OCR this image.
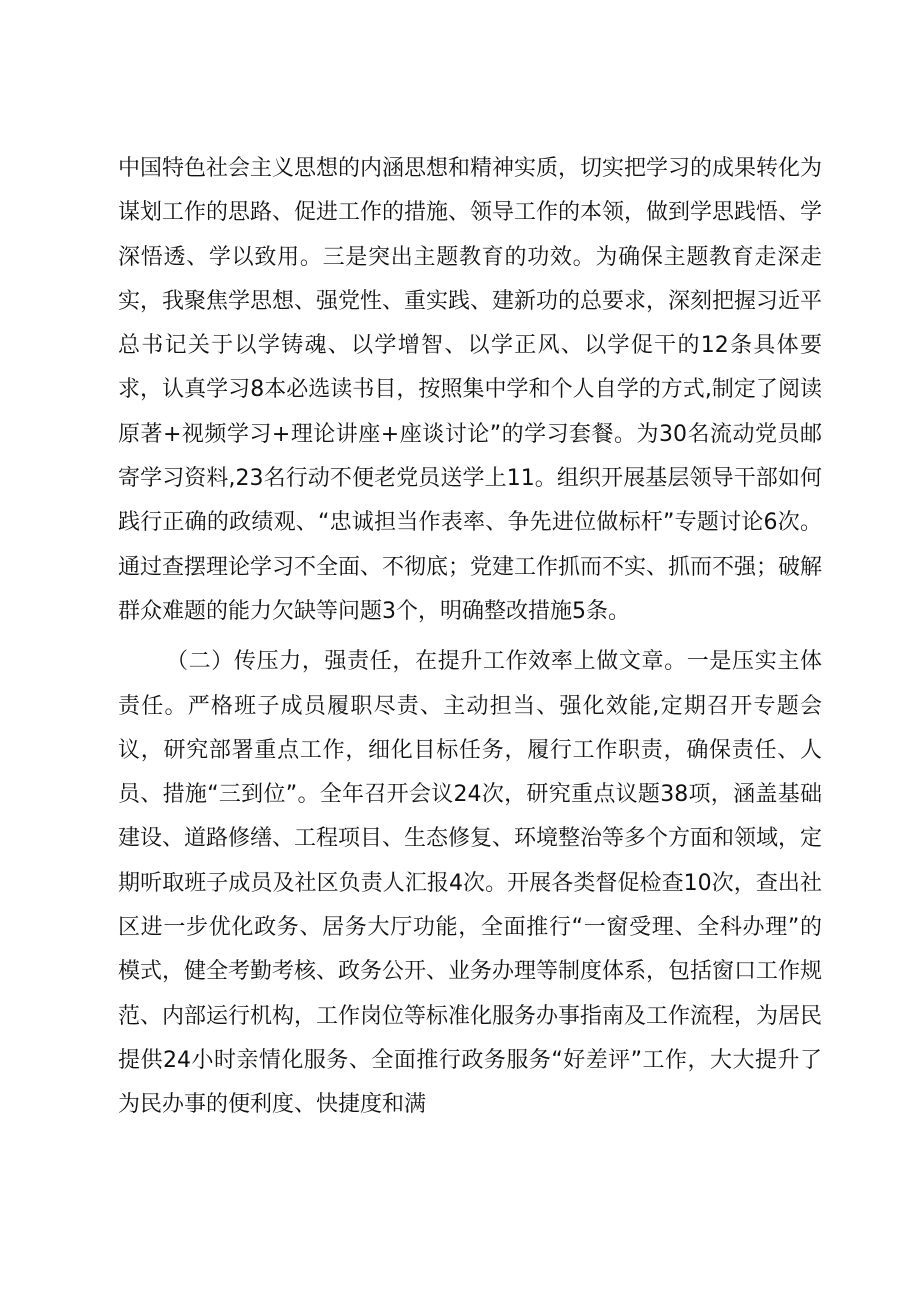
中国特色社会主义思想的内涵思想和精神实质，切实把学习的成果转化为谋划工作的思路、促进工作的措施、领导工作的本领，做到学思践悟、学深悟透、学以致用。三是突出主题教育的功效。为确保主题教育走深走实，我聚焦学思想、强党性、重实践、建新功的总要求，深刻把握习近平总书记关于以学铸魂、以学增智、以学正风、以学促干的12条具体要求，认真学习8本必选读书目，按照集中学和个人自学的方式,制定了阅读原著+视频学习+理论讲座+座谈讨论”的学习套餐。为30名流动党员邮寄学习资料,23名行动不便老党员送学上11。组织开展基层领导干部如何践行正确的政绩观、“忠诚担当作表率、争先进位做标杆”专题讨论6次。通过查摆理论学习不全面、不彻底；党建工作抓而不实、抓而不强；破解群众难题的能力欠缺等问题3个，明确整改措施5条。

（二）传压力，强责任，在提升工作效率上做文章。一是压实主体责任。严格班子成员履职尽责、主动担当、强化效能,定期召开专题会议，研究部署重点工作，细化目标任务，履行工作职责，确保责任、人员、措施“三到位”。全年召开会议24次，研究重点议题38项，涵盖基础建设、道路修缮、工程项目、生态修复、环境整治等多个方面和领域，定期听取班子成员及社区负责人汇报4次。开展各类督促检查10次，查出社区进一步优化政务、居务大厅功能，全面推行“一窗受理、全科办理”的模式，健全考勤考核、政务公开、业务办理等制度体系，包括窗口工作规范、内部运行机构，工作岗位等标准化服务办事指南及工作流程，为居民提供24小时亲情化服务、全面推行政务服务“好差评”工作，大大提升了为民办事的便利度、快捷度和满
